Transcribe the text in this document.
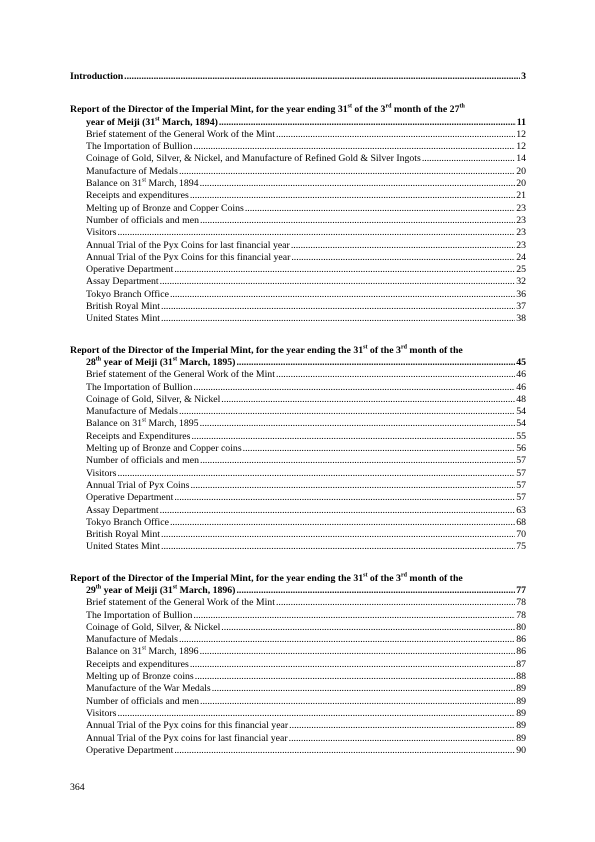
Introduction .....	3
Report of the Director of the Imperial Mint, for the year ending 31st of the 3rd month of the 27th
year of Meiji (31st March, 1894) .....	11
Brief statement of the General Work of the Mint .....	12
The Importation of Bullion .....	12
Coinage of Gold, Silver, & Nickel, and Manufacture of Refined Gold & Silver Ingots .....	14
Manufacture of Medals .....	20
Balance on 31st March, 1894 .....	20
Receipts and expenditures .....	21
Melting up of Bronze and Copper Coins .....	23
Number of officials and men .....	23
Visitors .....	23
Annual Trial of the Pyx Coins for last financial year .....	23
Annual Trial of the Pyx Coins for this financial year .....	24
Operative Department .....	25
Assay Department .....	32
Tokyo Branch Office .....	36
British Royal Mint .....	37
United States Mint .....	38
Report of the Director of the Imperial Mint, for the year ending the 31st of the 3rd month of the
28th year of Meiji (31st March, 1895) .....	45
Brief statement of the General Work of the Mint .....	46
The Importation of Bullion .....	46
Coinage of Gold, Silver, & Nickel .....	48
Manufacture of Medals .....	54
Balance on 31st March, 1895 .....	54
Receipts and Expenditures .....	55
Melting up of Bronze and Copper coins .....	56
Number of officials and men .....	57
Visitors .....	57
Annual Trial of Pyx Coins .....	57
Operative Department .....	57
Assay Department .....	63
Tokyo Branch Office .....	68
British Royal Mint .....	70
United States Mint .....	75
Report of the Director of the Imperial Mint, for the year ending the 31st of the 3rd month of the
29th year of Meiji (31st March, 1896) .....	77
Brief statement of the General Work of the Mint .....	78
The Importation of Bullion .....	78
Coinage of Gold, Silver, & Nickel .....	80
Manufacture of Medals .....	86
Balance on 31st March, 1896 .....	86
Receipts and expenditures .....	87
Melting up of Bronze coins .....	88
Manufacture of the War Medals .....	89
Number of officials and men .....	89
Visitors .....	89
Annual Trial of the Pyx coins for this financial year .....	89
Annual Trial of the Pyx coins for last financial year .....	89
Operative Department .....	90
364
